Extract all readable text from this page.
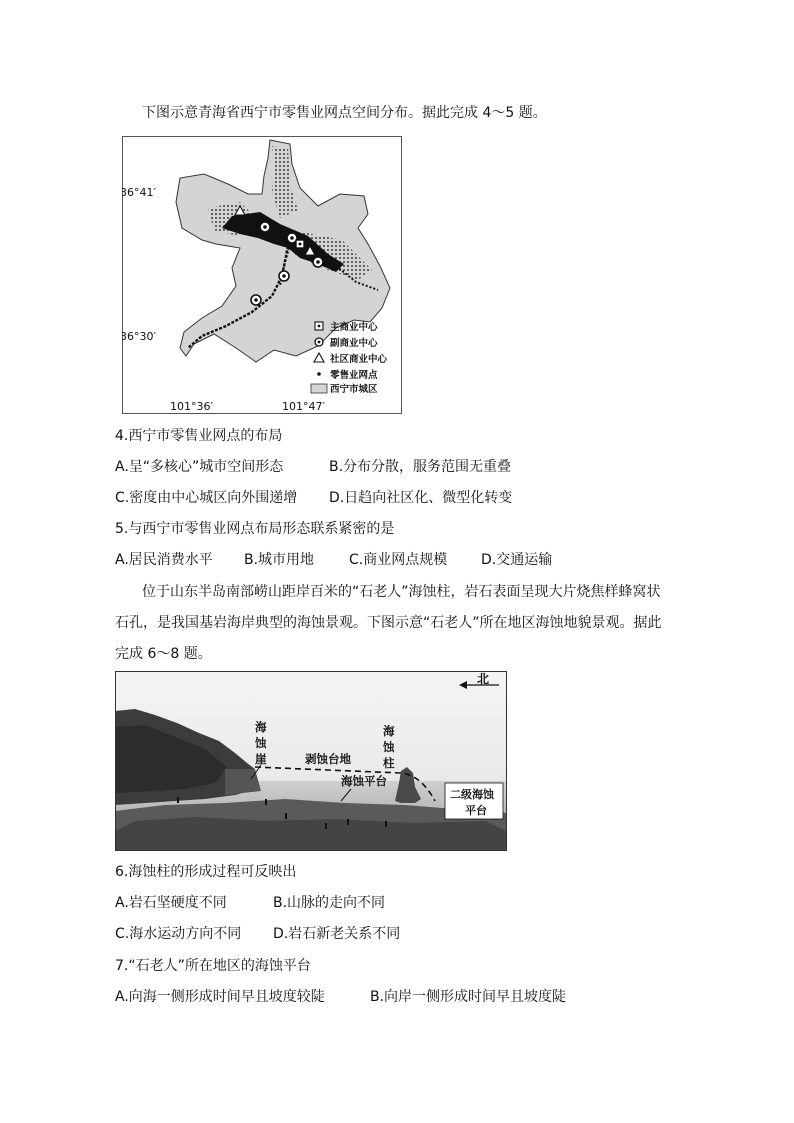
下图示意青海省西宁市零售业网点空间分布。据此完成 4～5 题。
36°41′
36°30′
101°36′	101°47′
主商业中心
副商业中心
社区商业中心
零售业网点
西宁市城区
4.西宁市零售业网点的布局
A.呈“多核心”城市空间形态	B.分布分散，服务范围无重叠
C.密度由中心城区向外围递增 D.日趋向社区化、微型化转变
5.与西宁市零售业网点布局形态联系紧密的是
A.居民消费水平 B.城市用地 C.商业网点规模 D.交通运输
位于山东半岛南部崂山距岸百米的“石老人”海蚀柱，岩石表面呈现大片烧焦样蜂窝状
石孔，是我国基岩海岸典型的海蚀景观。下图示意“石老人”所在地区海蚀地貌景观。据此
完成 6～8 题。
北
海
蚀
崖
海
蚀
柱
剥蚀台地
海蚀平台
二级海蚀
平台
6.海蚀柱的形成过程可反映出
A.岩石坚硬度不同	B.山脉的走向不同
C.海水运动方向不同 D.岩石新老关系不同
7.“石老人”所在地区的海蚀平台
A.向海一侧形成时间早且坡度较陡	B.向岸一侧形成时间早且坡度陡
